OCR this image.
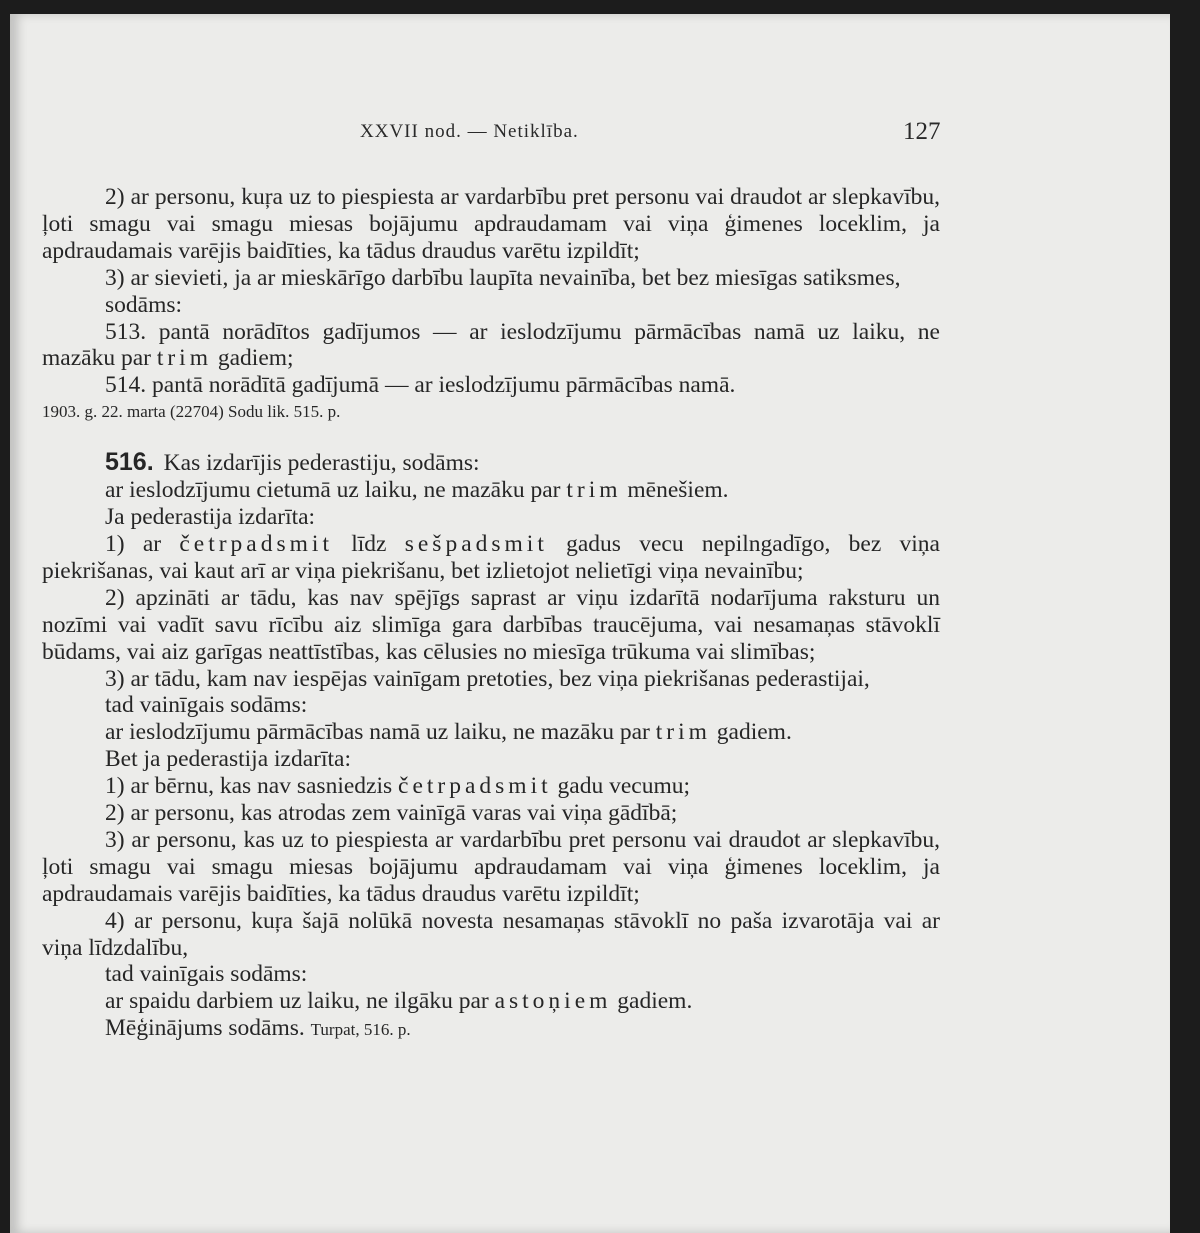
XXVII nod. — Netiklība.	127

2) ar personu, kuŗa uz to piespiesta ar vardarbību pret personu vai draudot ar slepkavību, ļoti smagu vai smagu miesas bojājumu apdraudamam vai viņa ģimenes loceklim, ja apdraudamais varējis baidīties, ka tādus draudus varētu izpildīt;

3) ar sievieti, ja ar mieskārīgo darbību laupīta nevainība, bet bez miesīgas satiksmes,

sodāms:

513. pantā norādītos gadījumos — ar ieslodzījumu pārmācības namā uz laiku, ne mazāku par trim gadiem;

514. pantā norādītā gadījumā — ar ieslodzījumu pārmācības namā.

1903. g. 22. marta (22704) Sodu lik. 515. p.

516. Kas izdarījis pederastiju, sodāms:

ar ieslodzījumu cietumā uz laiku, ne mazāku par trim mēnešiem.

Ja pederastija izdarīta:

1) ar četrpadsmit līdz sešpadsmit gadus vecu nepilngadīgo, bez viņa piekrišanas, vai kaut arī ar viņa piekrišanu, bet izlietojot nelietīgi viņa nevainību;

2) apzināti ar tādu, kas nav spējīgs saprast ar viņu izdarītā nodarījuma raksturu un nozīmi vai vadīt savu rīcību aiz slimīga gara darbības traucējuma, vai nesamaņas stāvoklī būdams, vai aiz garīgas neattīstības, kas cēlusies no miesīga trūkuma vai slimības;

3) ar tādu, kam nav iespējas vainīgam pretoties, bez viņa piekrišanas pederastijai,

tad vainīgais sodāms:

ar ieslodzījumu pārmācības namā uz laiku, ne mazāku par trim gadiem.

Bet ja pederastija izdarīta:

1) ar bērnu, kas nav sasniedzis četrpadsmit gadu vecumu;

2) ar personu, kas atrodas zem vainīgā varas vai viņa gādībā;

3) ar personu, kas uz to piespiesta ar vardarbību pret personu vai draudot ar slepkavību, ļoti smagu vai smagu miesas bojājumu apdraudamam vai viņa ģimenes loceklim, ja apdraudamais varējis baidīties, ka tādus draudus varētu izpildīt;

4) ar personu, kuŗa šajā nolūkā novesta nesamaņas stāvoklī no paša izvarotāja vai ar viņa līdzdalību,

tad vainīgais sodāms:

ar spaidu darbiem uz laiku, ne ilgāku par astoņiem gadiem.

Mēģinājums sodāms. Turpat, 516. p.
